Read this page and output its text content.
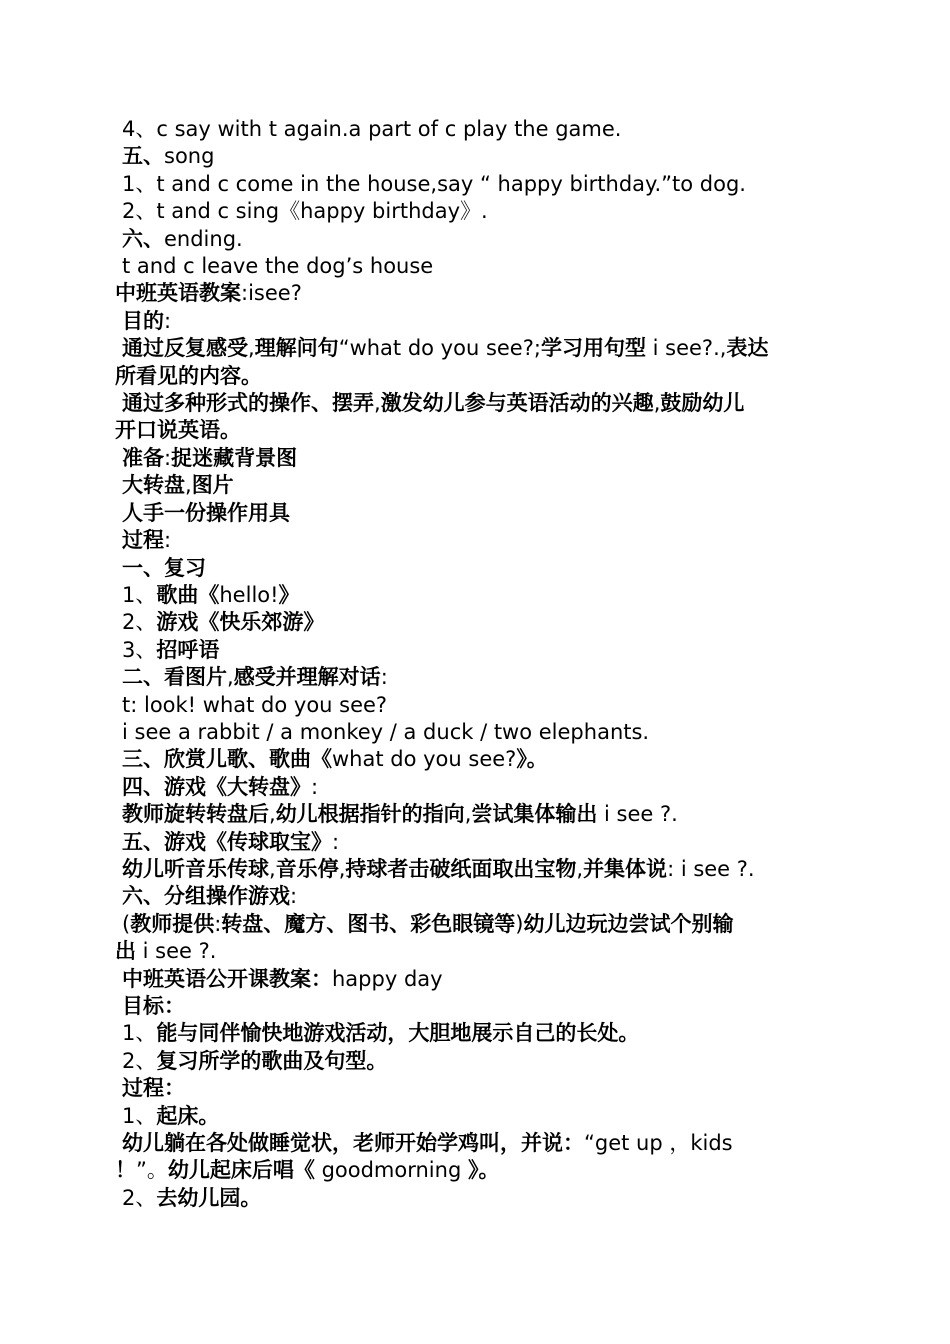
4、c say with t again.a part of c play the game.
五、song
1、t and c come in the house,say “ happy birthday.”to dog.
2、t and c sing《happy birthday》.
六、ending.
t and c leave the dog’s house
中班英语教案:isee?
目的:
通过反复感受,理解问句“what do you see?;学习用句型 i see?.,表达
所看见的内容。
通过多种形式的操作、摆弄,激发幼儿参与英语活动的兴趣,鼓励幼儿
开口说英语。
准备:捉迷藏背景图
大转盘,图片
人手一份操作用具
过程:
一、复习
1、歌曲《hello!》
2、游戏《快乐郊游》
3、招呼语
二、看图片,感受并理解对话:
t: look! what do you see?
i see a rabbit / a monkey / a duck / two elephants.
三、欣赏儿歌、歌曲《what do you see?》。
四、游戏《大转盘》:
教师旋转转盘后,幼儿根据指针的指向,尝试集体输出 i see ?.
五、游戏《传球取宝》:
幼儿听音乐传球,音乐停,持球者击破纸面取出宝物,并集体说: i see ?.
六、分组操作游戏:
(教师提供:转盘、魔方、图书、彩色眼镜等)幼儿边玩边尝试个别输
出 i see ?.
中班英语公开课教案：happy day
目标：
1、能与同伴愉快地游戏活动，大胆地展示自己的长处。
2、复习所学的歌曲及句型。
过程：
1、起床。
幼儿躺在各处做睡觉状，老师开始学鸡叫，并说：“get up ，kids
！”。幼儿起床后唱《 goodmorning 》。
2、去幼儿园。
